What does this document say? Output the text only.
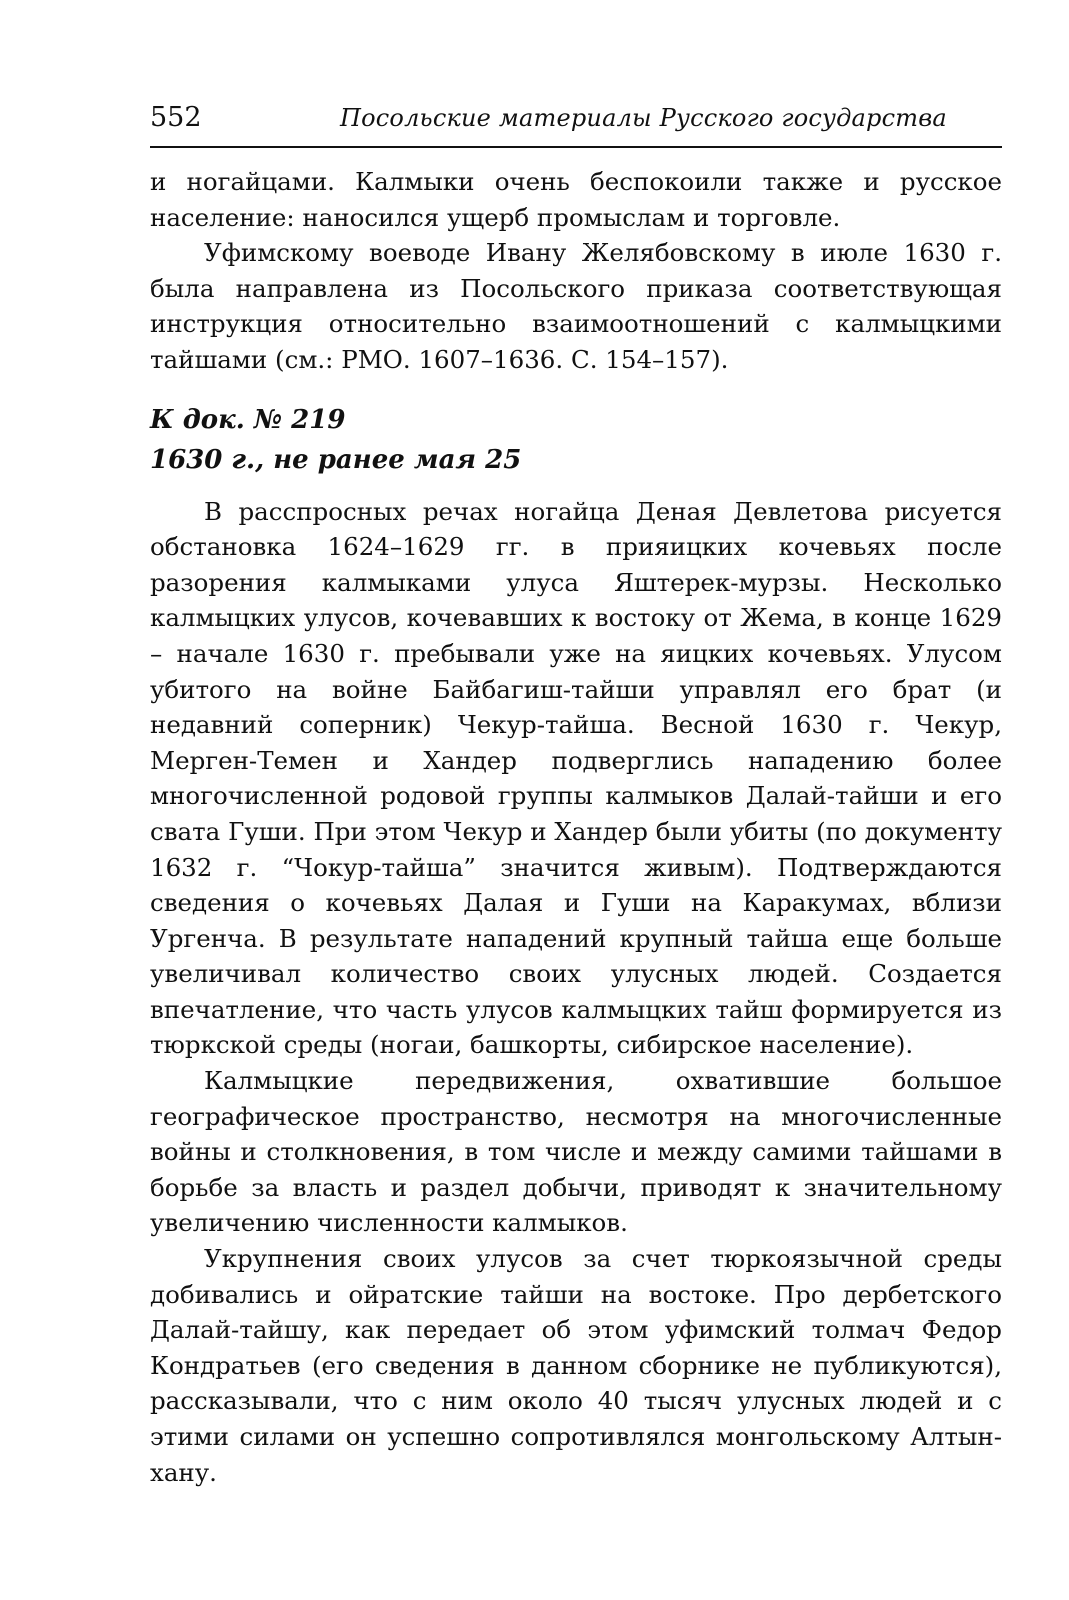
552	Посольские материалы Русского государства

и ногайцами. Калмыки очень беспокоили также и русское население: наносился ущерб промыслам и торговле.

Уфимскому воеводе Ивану Желябовскому в июле 1630 г. была направлена из Посольского приказа соответствующая инструкция относительно взаимоотношений с калмыцкими тайшами (см.: РМО. 1607–1636. С. 154–157).

К док. № 219

1630 г., не ранее мая 25

В расспросных речах ногайца Деная Девлетова рисуется обстановка 1624–1629 гг. в прияицких кочевьях после разорения калмыками улуса Яштерек-мурзы. Несколько калмыцких улусов, кочевавших к востоку от Жема, в конце 1629 – начале 1630 г. пребывали уже на яицких кочевьях. Улусом убитого на войне Байбагиш-тайши управлял его брат (и недавний соперник) Чекур-тайша. Весной 1630 г. Чекур, Мерген-Темен и Хандер подверглись нападению более многочисленной родовой группы калмыков Далай-тайши и его свата Гуши. При этом Чекур и Хандер были убиты (по документу 1632 г. “Чокур-тайша” значится живым). Подтверждаются сведения о кочевьях Далая и Гуши на Каракумах, вблизи Ургенча. В результате нападений крупный тайша еще больше увеличивал количество своих улусных людей. Создается впечатление, что часть улусов калмыцких тайш формируется из тюркской среды (ногаи, башкорты, сибирское население).

Калмыцкие передвижения, охватившие большое географическое пространство, несмотря на многочисленные войны и столкновения, в том числе и между самими тайшами в борьбе за власть и раздел добычи, приводят к значительному увеличению численности калмыков.

Укрупнения своих улусов за счет тюркоязычной среды добивались и ойратские тайши на востоке. Про дербетского Далай-тайшу, как передает об этом уфимский толмач Федор Кондратьев (его сведения в данном сборнике не публикуются), рассказывали, что с ним около 40 тысяч улусных людей и с этими силами он успешно сопротивлялся монгольскому Алтын-хану.
